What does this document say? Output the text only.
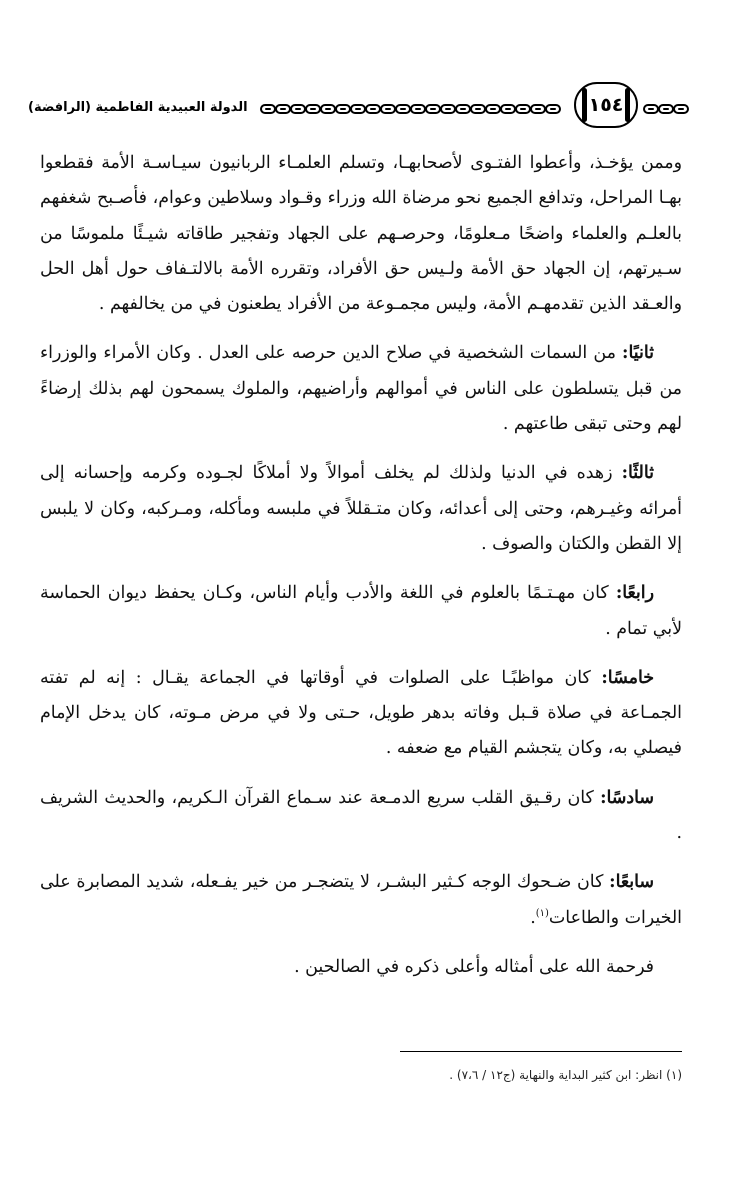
الدولة العبيدية الفاطمية (الرافضة)	١٥٤

وممن يؤخـذ، وأعطوا الفتـوى لأصحابهـا، وتسلم العلمـاء الربانيون سيـاسـة الأمة فقطعوا بهـا المراحل، وتدافع الجميع نحو مرضاة الله وزراء وقـواد وسلاطين وعوام، فأصـبح شغفهم بالعلـم والعلماء واضحًا مـعلومًا، وحرصـهم على الجهاد وتفجير طاقاته شيـئًا ملموسًا من سـيرتهم، إن الجهاد حق الأمة ولـيس حق الأفراد، وتقرره الأمة بالالتـفاف حول أهل الحل والعـقد الذين تقدمهـم الأمة، وليس مجمـوعة من الأفراد يطعنون في من يخالفهم .

ثانيًا: من السمات الشخصية في صلاح الدين حرصه على العدل . وكان الأمراء والوزراء من قبل يتسلطون على الناس في أموالهم وأراضيهم، والملوك يسمحون لهم بذلك إرضاءً لهم وحتى تبقى طاعتهم .

ثالثًا: زهده في الدنيا ولذلك لم يخلف أموالاً ولا أملاكًا لجـوده وكرمه وإحسانه إلى أمرائه وغيـرهم، وحتى إلى أعدائه، وكان متـقللاً في ملبسه ومأكله، ومـركبه، وكان لا يلبس إلا القطن والكتان والصوف .

رابعًا: كان مهـتـمًا بالعلوم في اللغة والأدب وأيام الناس، وكـان يحفظ ديوان الحماسة لأبي تمام .

خامسًا: كان مواظبًـا على الصلوات في أوقاتها في الجماعة يقـال : إنه لم تفته الجمـاعة في صلاة قـبل وفاته بدهر طويل، حـتى ولا في مرض مـوته، كان يدخل الإمام فيصلي به، وكان يتجشم القيام مع ضعفه .

سادسًا: كان رقـيق القلب سريع الدمـعة عند سـماع القرآن الـكريم، والحديث الشريف .

سابعًا: كان ضـحوك الوجه كـثير البشـر، لا يتضجـر من خير يفـعله، شديد المصابرة على الخيرات والطاعات$^{(١)}$.

فرحمة الله على أمثاله وأعلى ذكره في الصالحين .

(١) انظر: ابن كثير البداية والنهاية (ج١٢ / ٧،٦) .
